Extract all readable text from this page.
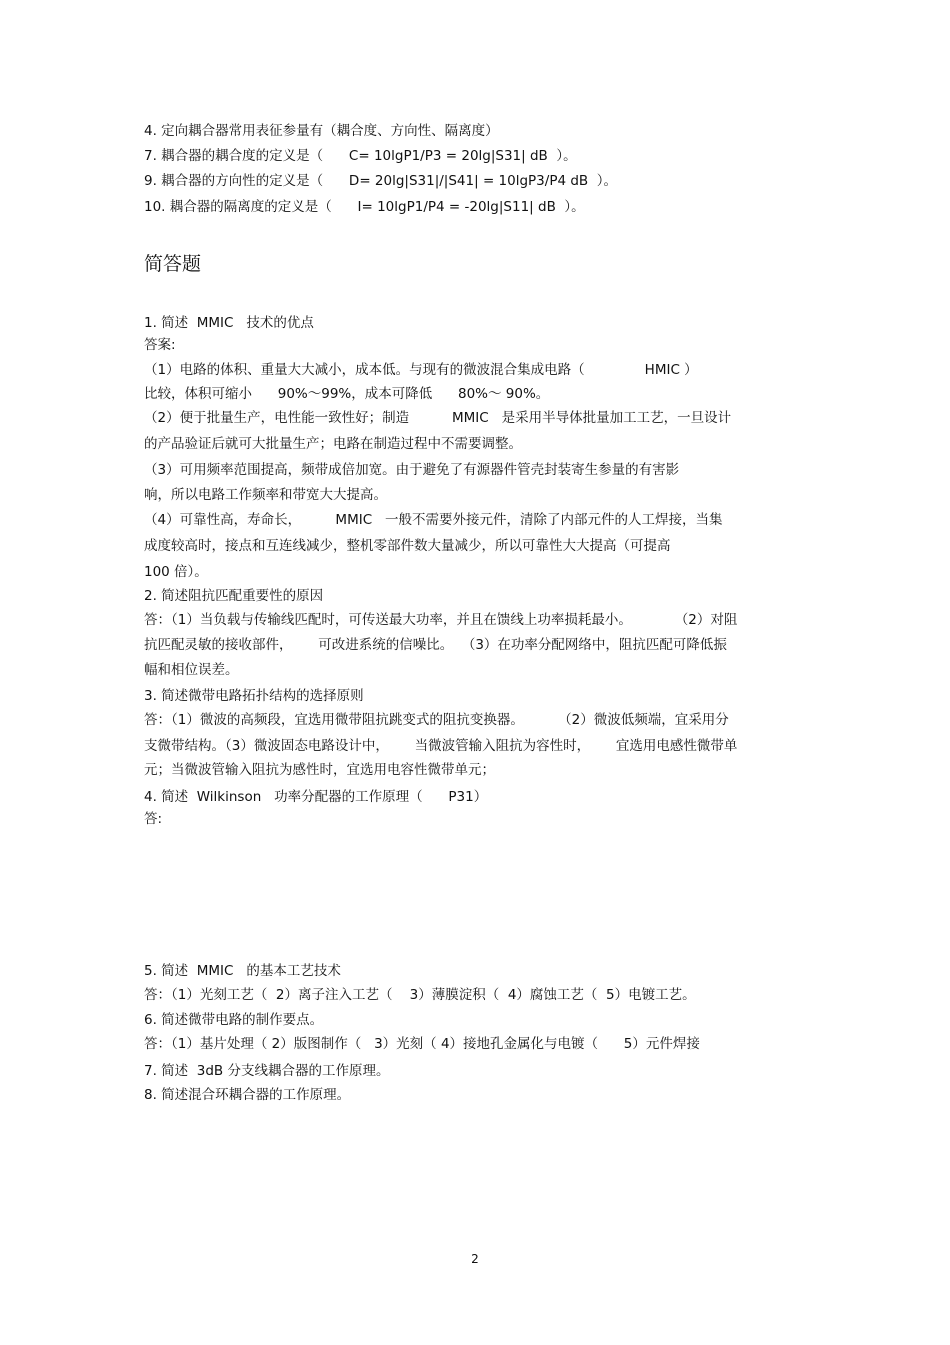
4. 定向耦合器常用表征参量有（耦合度、方向性、隔离度）

7. 耦合器的耦合度的定义是（      C= 10lgP1/P3 = 20lg|S31| dB  ）。

9. 耦合器的方向性的定义是（      D= 20lg|S31|/|S41| = 10lgP3/P4 dB  ）。

10. 耦合器的隔离度的定义是（      I= 10lgP1/P4 = -20lg|S11| dB  ）。

简答题

1. 简述  MMIC   技术的优点

答案:

（1）电路的体积、重量大大减小，成本低。与现有的微波混合集成电路（              HMIC ）

比较，体积可缩小      90%～99%，成本可降低      80%～ 90%。

（2）便于批量生产，电性能一致性好；制造          MMIC   是采用半导体批量加工工艺，一旦设计

的产品验证后就可大批量生产；电路在制造过程中不需要调整。

（3）可用频率范围提高，频带成倍加宽。由于避免了有源器件管壳封装寄生参量的有害影

响，所以电路工作频率和带宽大大提高。

（4）可靠性高，寿命长，        MMIC   一般不需要外接元件，清除了内部元件的人工焊接，当集

成度较高时，接点和互连线减少，整机零部件数大量减少，所以可靠性大大提高（可提高

100 倍）。

2. 简述阻抗匹配重要性的原因

答：（1）当负载与传输线匹配时，可传送最大功率，并且在馈线上功率损耗最小。          （2）对阻

抗匹配灵敏的接收部件，      可改进系统的信噪比。  （3）在功率分配网络中，阻抗匹配可降低振

幅和相位误差。

3. 简述微带电路拓扑结构的选择原则

答：（1）微波的高频段，宜选用微带阻抗跳变式的阻抗变换器。        （2）微波低频端，宜采用分

支微带结构。（3）微波固态电路设计中，      当微波管输入阻抗为容性时，      宜选用电感性微带单

元；当微波管输入阻抗为感性时，宜选用电容性微带单元；

4. 简述  Wilkinson   功率分配器的工作原理（      P31）

答:

5. 简述  MMIC   的基本工艺技术

答：（1）光刻工艺（  2）离子注入工艺（    3）薄膜淀积（  4）腐蚀工艺（  5）电镀工艺。

6. 简述微带电路的制作要点。

答：（1）基片处理（ 2）版图制作（   3）光刻（ 4）接地孔金属化与电镀（      5）元件焊接

7. 简述  3dB 分支线耦合器的工作原理。

8. 简述混合环耦合器的工作原理。

2
